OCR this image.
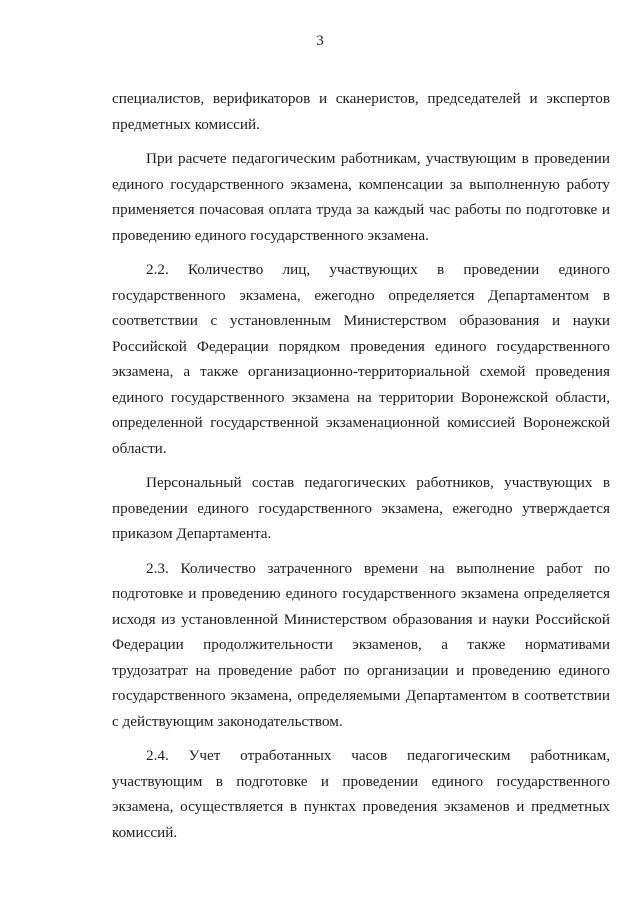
3

специалистов, верификаторов и сканеристов, председателей и экспертов предметных комиссий.

При расчете педагогическим работникам, участвующим в проведении единого государственного экзамена, компенсации за выполненную работу применяется почасовая оплата труда за каждый час работы по подготовке и проведению единого государственного экзамена.

2.2. Количество лиц, участвующих в проведении единого государственного экзамена, ежегодно определяется Департаментом в соответствии с установленным Министерством образования и науки Российской Федерации порядком проведения единого государственного экзамена, а также организационно-территориальной схемой проведения единого государственного экзамена на территории Воронежской области, определенной государственной экзаменационной комиссией Воронежской области.

Персональный состав педагогических работников, участвующих в проведении единого государственного экзамена, ежегодно утверждается приказом Департамента.

2.3. Количество затраченного времени на выполнение работ по подготовке и проведению единого государственного экзамена определяется исходя из установленной Министерством образования и науки Российской Федерации продолжительности экзаменов, а также нормативами трудозатрат на проведение работ по организации и проведению единого государственного экзамена, определяемыми Департаментом в соответствии с действующим законодательством.

2.4. Учет отработанных часов педагогическим работникам, участвующим в подготовке и проведении единого государственного экзамена, осуществляется в пунктах проведения экзаменов и предметных комиссий.
